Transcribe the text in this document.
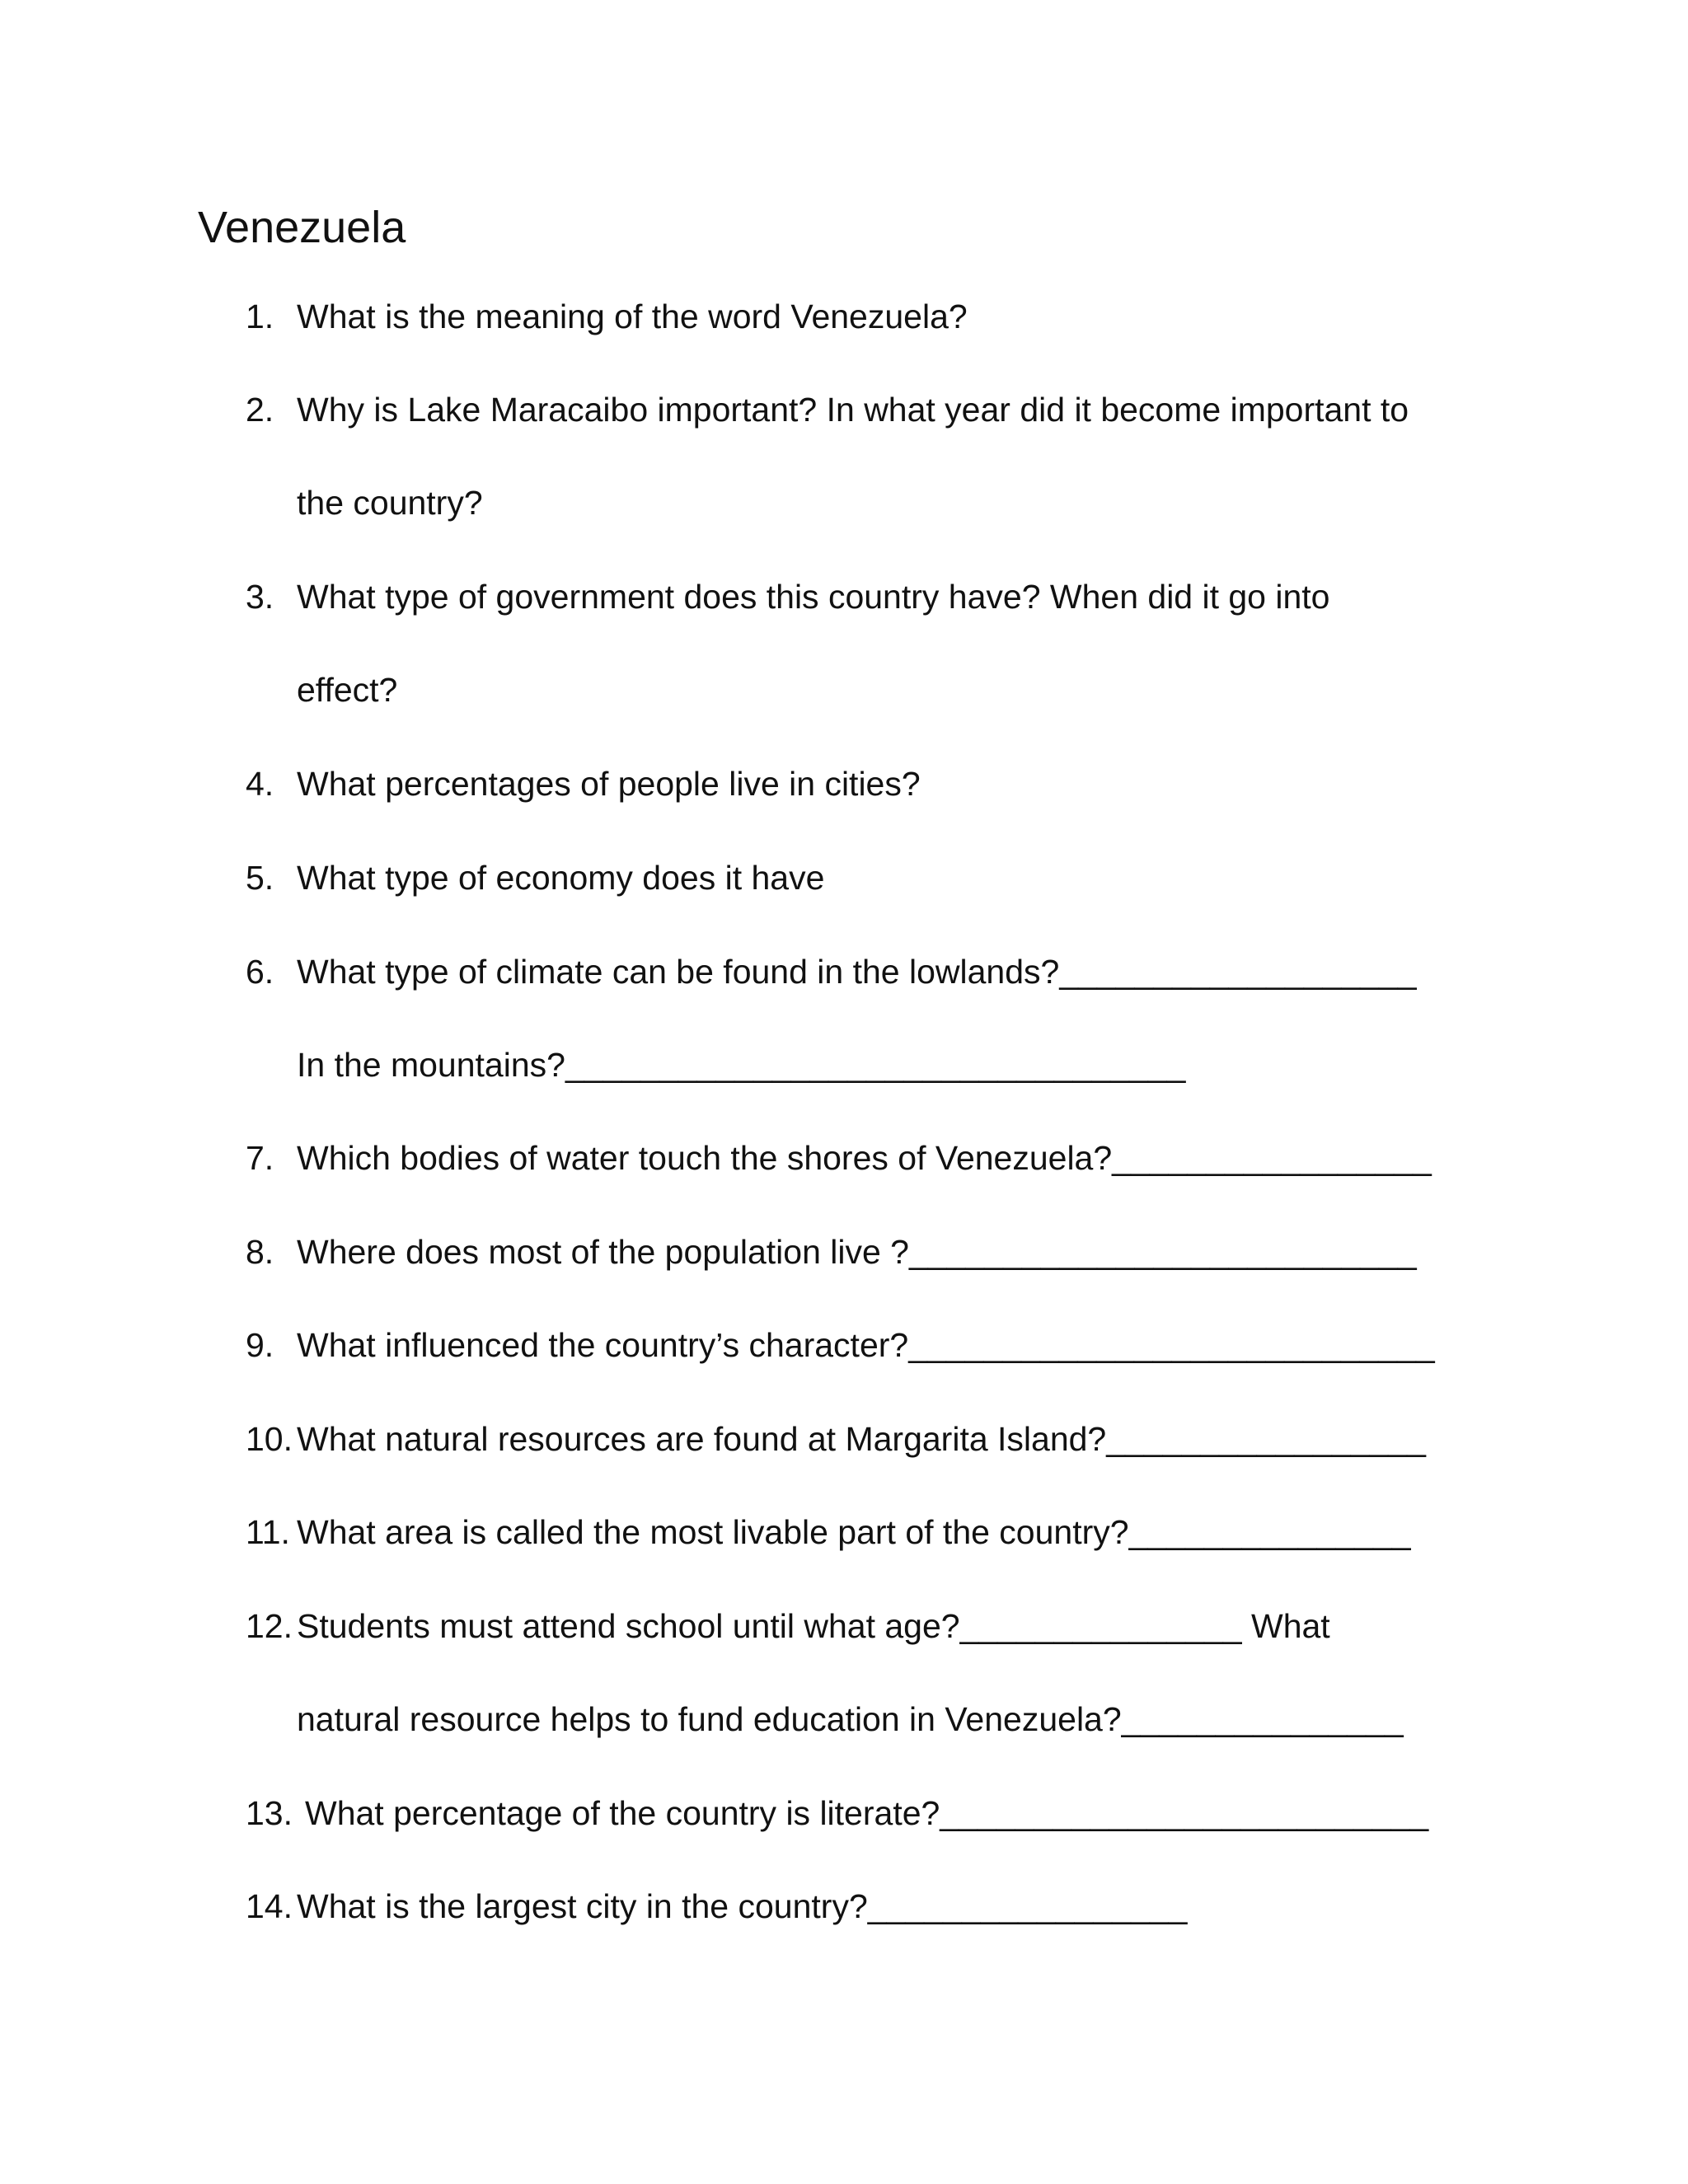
Venezuela
1. What is the meaning of the word Venezuela?
2. Why is Lake Maracaibo important? In what year did it become important to
the country?
3. What type of government does this country have? When did it go into
effect?
4. What percentages of people live in cities?
5. What type of economy does it have
6. What type of climate can be found in the lowlands?___________________
In the mountains?_________________________________
7. Which bodies of water touch the shores of Venezuela?_________________
8. Where does most of the population live ?___________________________
9. What influenced the country’s character?____________________________
10. What natural resources are found at Margarita Island?_________________
11. What area is called the most livable part of the country?_______________
12. Students must attend school until what age?_______________ What
natural resource helps to fund education in Venezuela?_______________
13. What percentage of the country is literate?__________________________
14. What is the largest city in the country?_________________
